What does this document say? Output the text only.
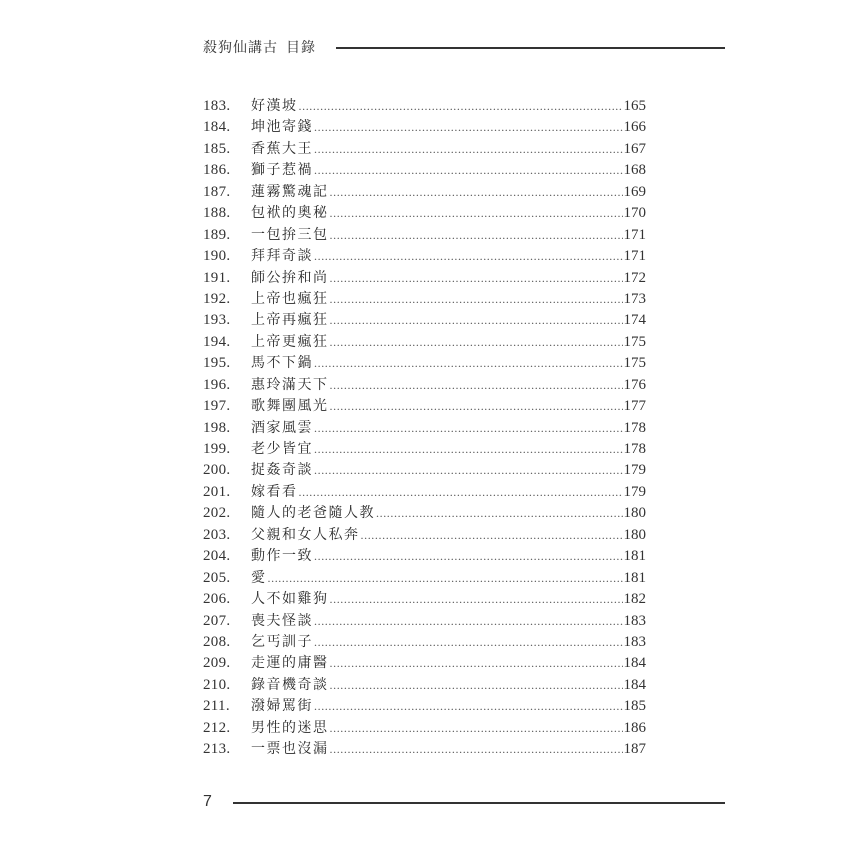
殺狗仙講古 目錄
183.	好漢坡 .....	165
184.	坤池寄錢 .....	166
185.	香蕉大王 .....	167
186.	獅子惹禍 .....	168
187.	蓮霧驚魂記 .....	169
188.	包袱的奧秘 .....	170
189.	一包拚三包 .....	171
190.	拜拜奇談 .....	171
191.	師公拚和尚 .....	172
192.	上帝也瘋狂 .....	173
193.	上帝再瘋狂 .....	174
194.	上帝更瘋狂 .....	175
195.	馬不下鍋 .....	175
196.	惠玲滿天下 .....	176
197.	歌舞團風光 .....	177
198.	酒家風雲 .....	178
199.	老少皆宜 .....	178
200.	捉姦奇談 .....	179
201.	嫁看看 .....	179
202.	隨人的老爸隨人教 .....	180
203.	父親和女人私奔 .....	180
204.	動作一致 .....	181
205.	愛 .....	181
206.	人不如雞狗 .....	182
207.	喪夫怪談 .....	183
208.	乞丐訓子 .....	183
209.	走運的庸醫 .....	184
210.	錄音機奇談 .....	184
211.	潑婦罵街 .....	185
212.	男性的迷思 .....	186
213.	一票也沒漏 .....	187
7
